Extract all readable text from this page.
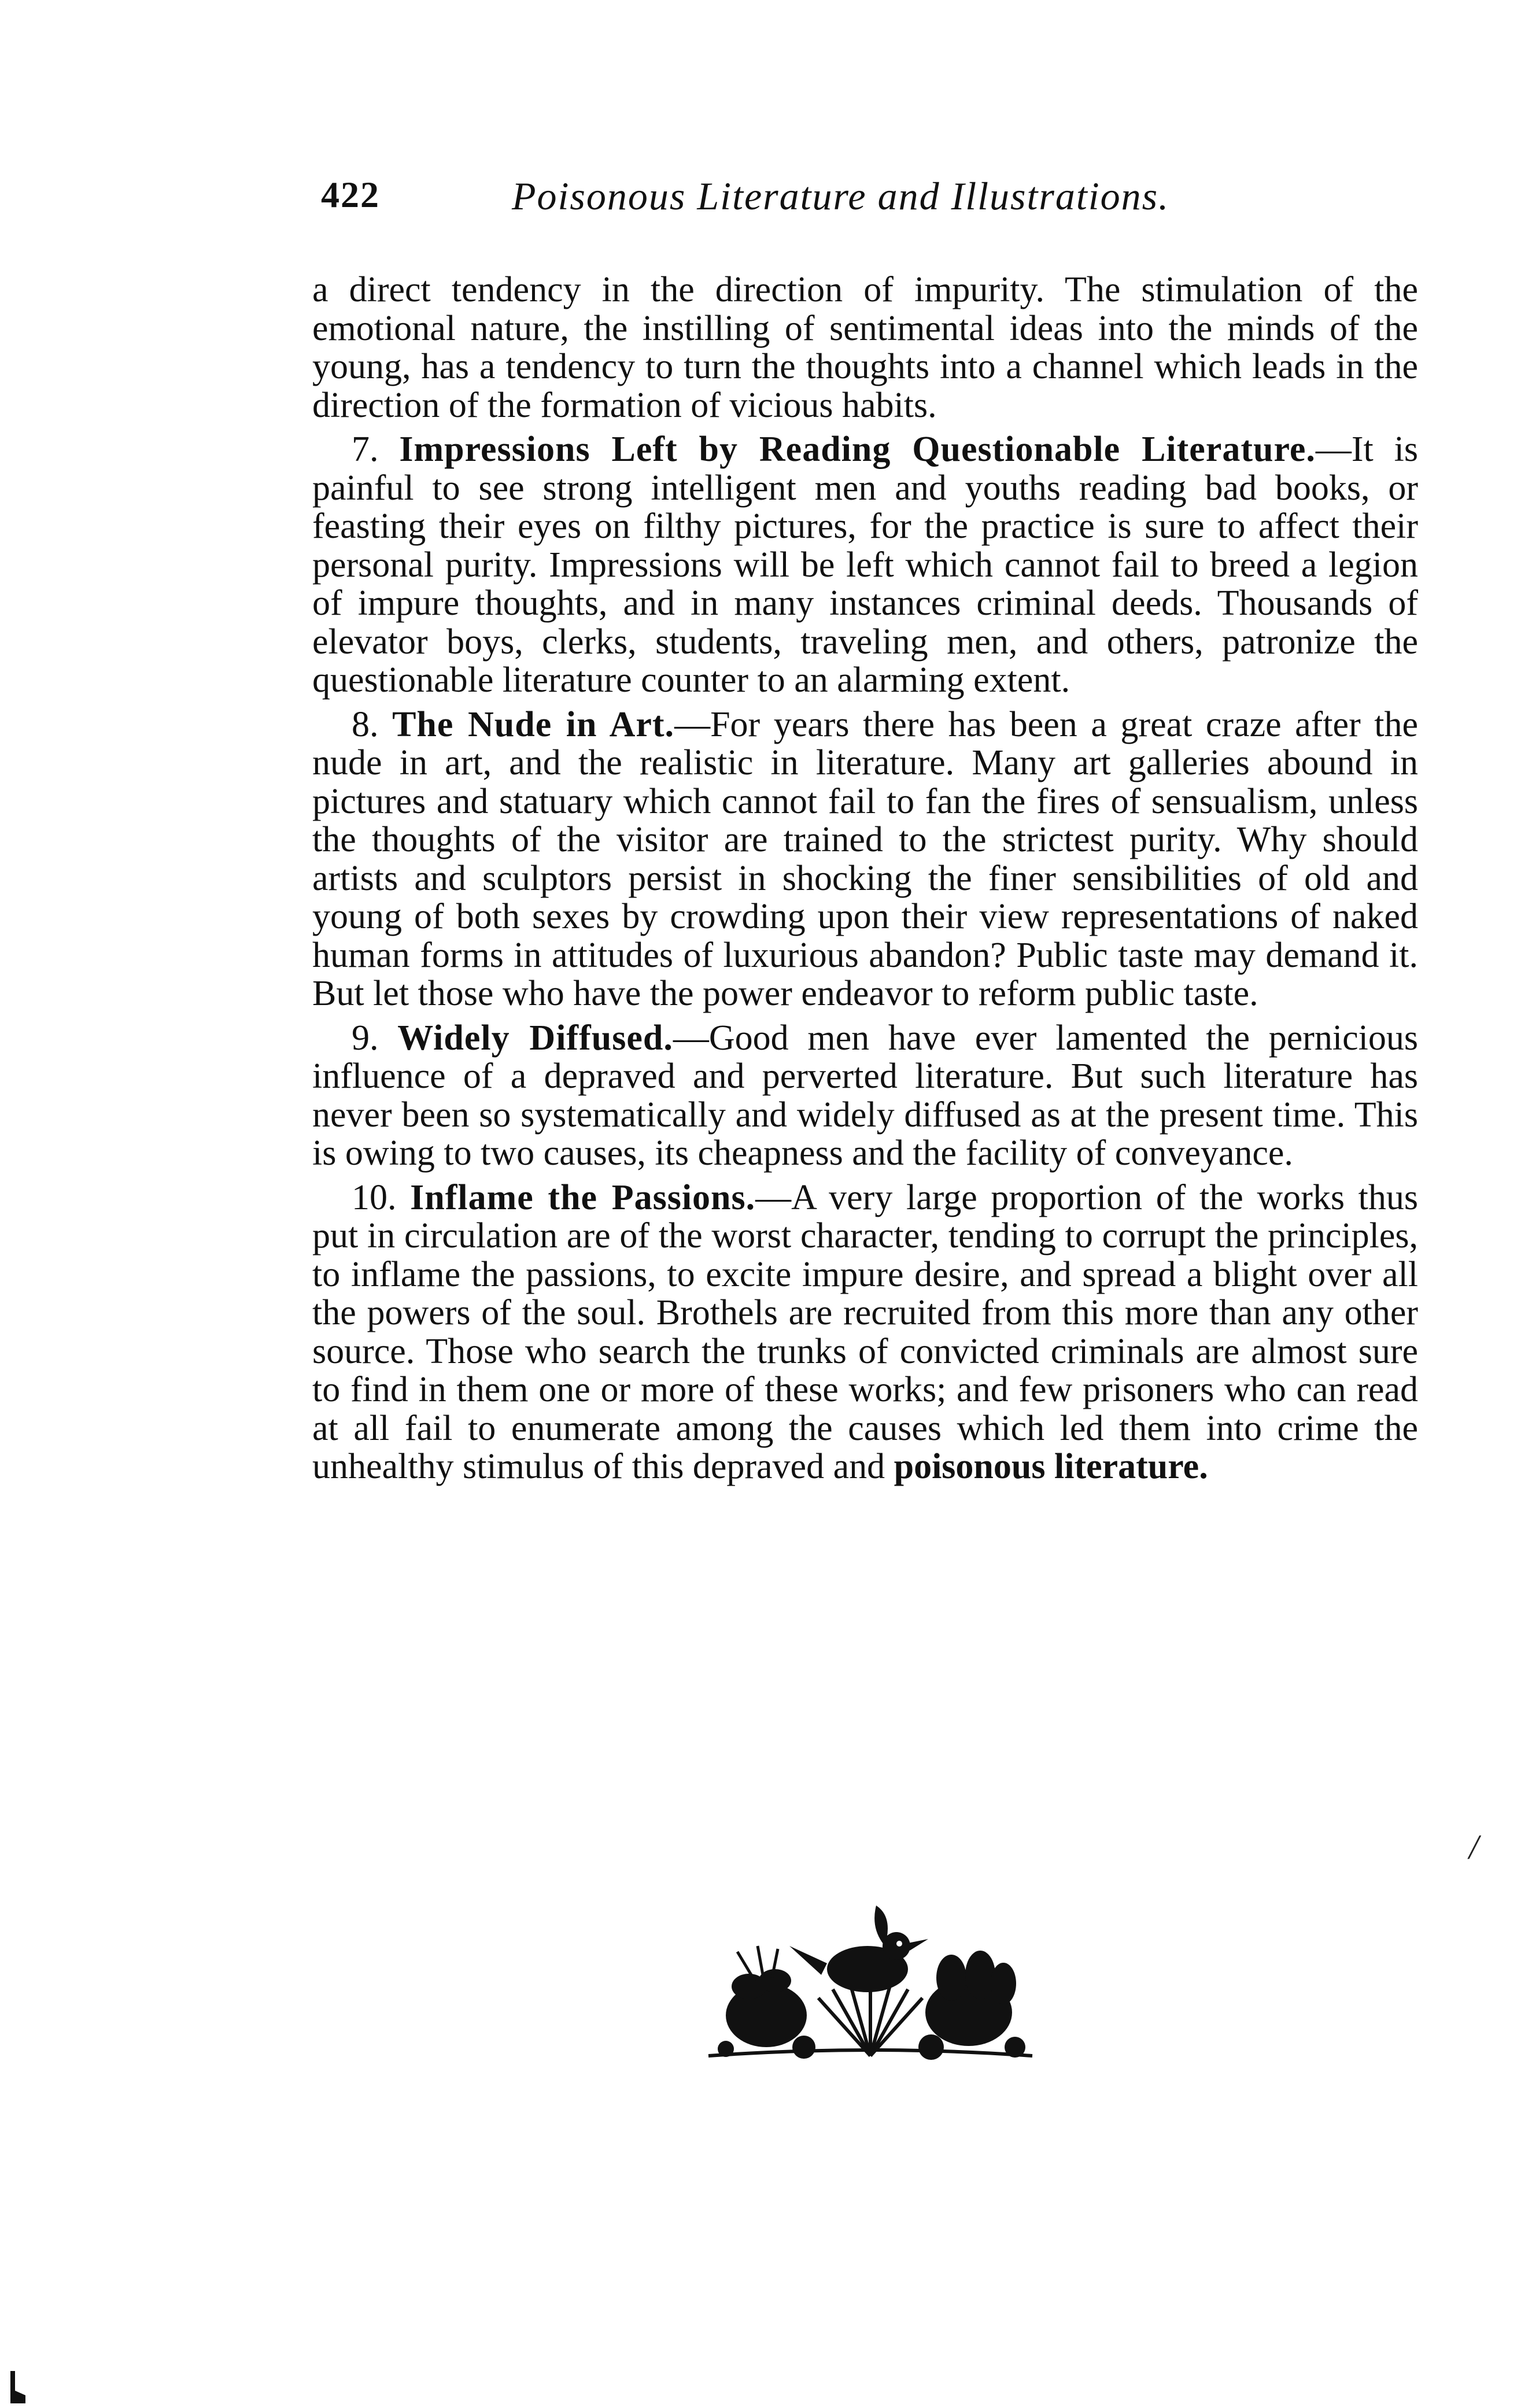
422	Poisonous Literature and Illustrations.

a direct tendency in the direction of impurity. The stimulation of the emotional nature, the instilling of sentimental ideas into the minds of the young, has a tendency to turn the thoughts into a channel which leads in the direction of the formation of vicious habits.

7. Impressions Left by Reading Questionable Literature.—It is painful to see strong intelligent men and youths reading bad books, or feasting their eyes on filthy pictures, for the practice is sure to affect their personal purity. Impressions will be left which cannot fail to breed a legion of impure thoughts, and in many instances criminal deeds. Thousands of elevator boys, clerks, students, traveling men, and others, patronize the questionable literature counter to an alarming extent.

8. The Nude in Art.—For years there has been a great craze after the nude in art, and the realistic in literature. Many art galleries abound in pictures and statuary which cannot fail to fan the fires of sensualism, unless the thoughts of the visitor are trained to the strictest purity. Why should artists and sculptors persist in shocking the finer sensibilities of old and young of both sexes by crowding upon their view representations of naked human forms in attitudes of luxurious abandon? Public taste may demand it. But let those who have the power endeavor to reform public taste.

9. Widely Diffused.—Good men have ever lamented the pernicious influence of a depraved and perverted literature. But such literature has never been so systematically and widely diffused as at the present time. This is owing to two causes, its cheapness and the facility of conveyance.

10. Inflame the Passions.—A very large proportion of the works thus put in circulation are of the worst character, tending to corrupt the principles, to inflame the passions, to excite impure desire, and spread a blight over all the powers of the soul. Brothels are recruited from this more than any other source. Those who search the trunks of convicted criminals are almost sure to find in them one or more of these works; and few prisoners who can read at all fail to enumerate among the causes which led them into crime the unhealthy stimulus of this depraved and poisonous literature.

/
